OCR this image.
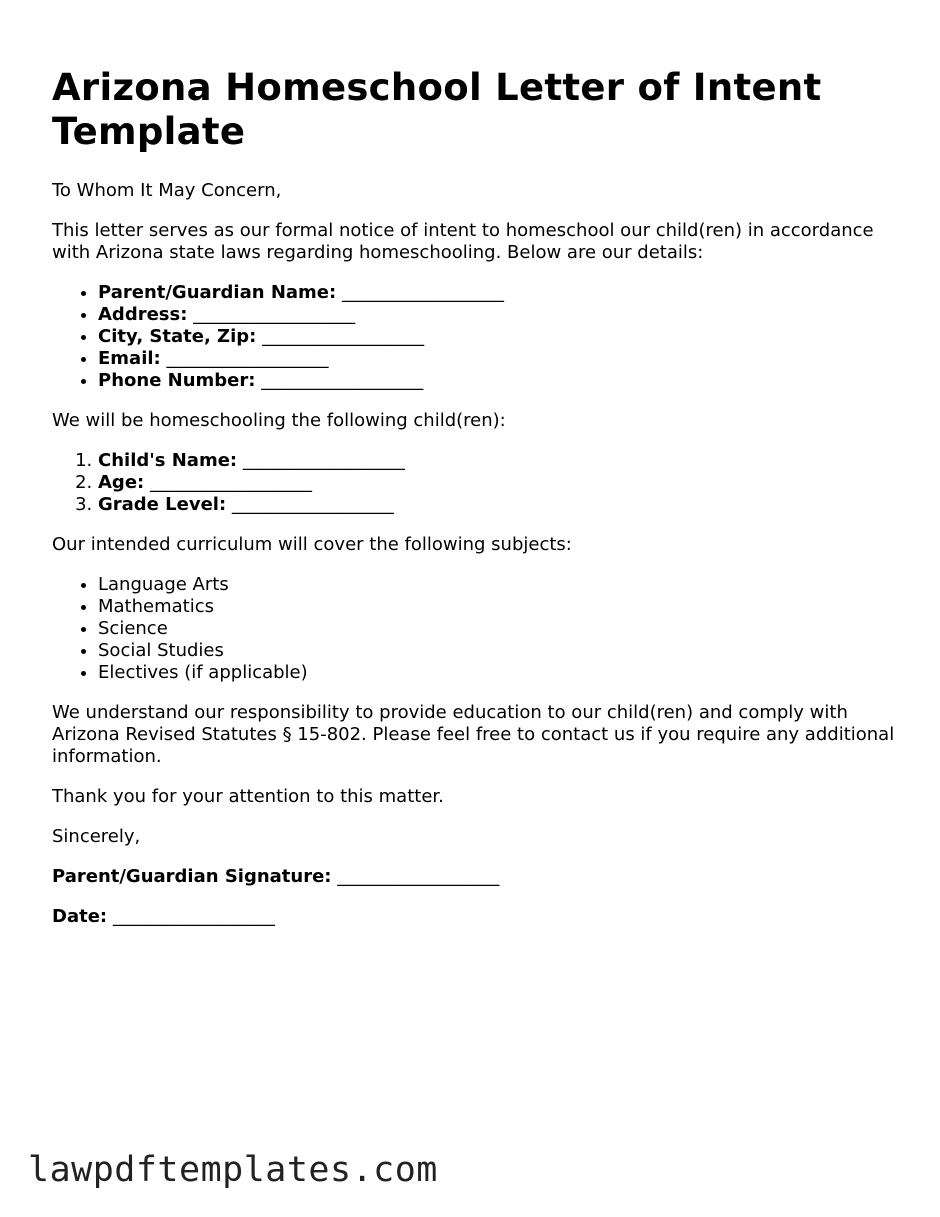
Arizona Homeschool Letter of Intent Template

To Whom It May Concern,

This letter serves as our formal notice of intent to homeschool our child(ren) in accordance with Arizona state laws regarding homeschooling. Below are our details:

• Parent/Guardian Name: __________________
• Address: __________________
• City, State, Zip: __________________
• Email: __________________
• Phone Number: __________________

We will be homeschooling the following child(ren):

1. Child's Name: __________________
2. Age: __________________
3. Grade Level: __________________

Our intended curriculum will cover the following subjects:

• Language Arts
• Mathematics
• Science
• Social Studies
• Electives (if applicable)

We understand our responsibility to provide education to our child(ren) and comply with Arizona Revised Statutes § 15-802. Please feel free to contact us if you require any additional information.

Thank you for your attention to this matter.

Sincerely,

Parent/Guardian Signature: __________________
Date: __________________
lawpdftemplates.com
